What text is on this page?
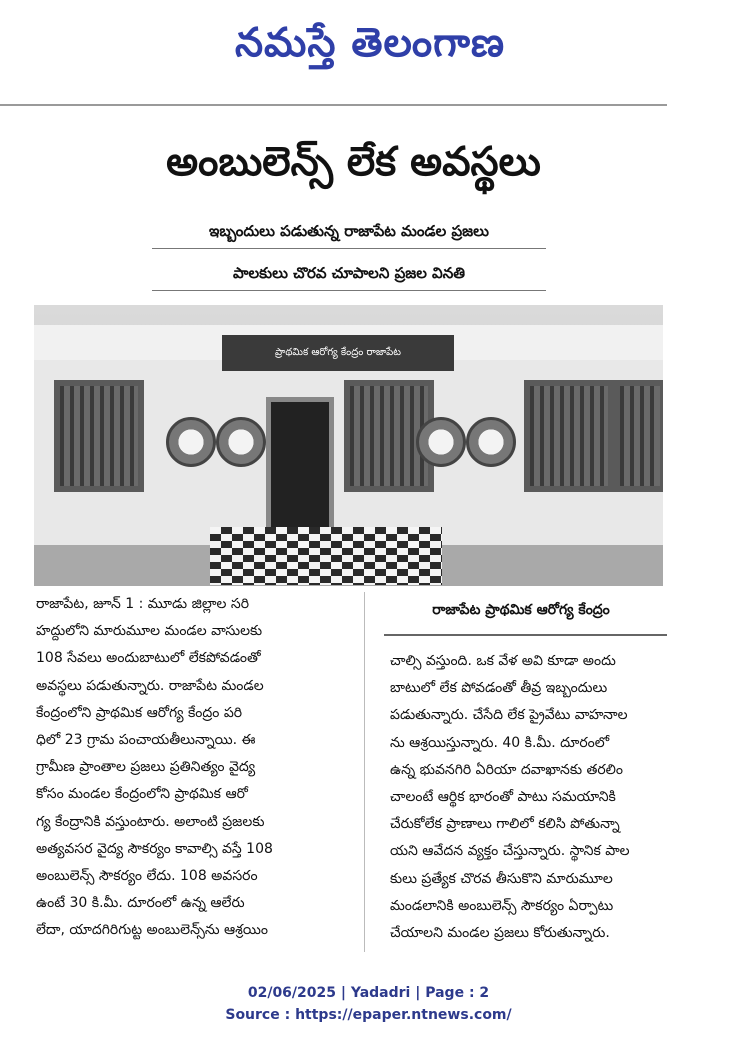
నమస్తే తెలంగాణ
అంబులెన్స్ లేక అవస్థలు
ఇబ్బందులు పడుతున్న రాజాపేట మండల ప్రజలు
పాలకులు చొరవ చూపాలని ప్రజల వినతి
ప్రాథమిక ఆరోగ్య కేంద్రం రాజాపేట
రాజాపేట ప్రాథమిక ఆరోగ్య కేంద్రం
రాజాపేట, జూన్ 1 : మూడు జిల్లాల సరి
హద్దులోని మారుమూల మండల వాసులకు
108 సేవలు అందుబాటులో లేకపోవడంతో
అవస్థలు పడుతున్నారు. రాజాపేట మండల
కేంద్రంలోని ప్రాథమిక ఆరోగ్య కేంద్రం పరి
ధిలో 23 గ్రామ పంచాయతీలున్నాయి. ఈ
గ్రామీణ ప్రాంతాల ప్రజలు ప్రతినిత్యం వైద్య
కోసం మండల కేంద్రంలోని ప్రాథమిక ఆరో
గ్య కేంద్రానికి వస్తుంటారు. అలాంటి ప్రజలకు
అత్యవసర వైద్య సౌకర్యం కావాల్సి వస్తే 108
అంబులెన్స్ సౌకర్యం లేదు. 108 అవసరం
ఉంటే 30 కి.మీ. దూరంలో ఉన్న ఆలేరు
లేదా, యాదగిరిగుట్ట అంబులెన్స్‌ను ఆశ్రయిం
చాల్సి వస్తుంది. ఒక వేళ అవి కూడా అందు
బాటులో లేక పోవడంతో తీవ్ర ఇబ్బందులు
పడుతున్నారు. చేసేది లేక ప్రైవేటు వాహనాల
ను ఆశ్రయిస్తున్నారు. 40 కి.మీ. దూరంలో
ఉన్న భువనగిరి ఏరియా దవాఖానకు తరలిం
చాలంటే ఆర్థిక భారంతో పాటు సమయానికి
చేరుకోలేక ప్రాణాలు గాలిలో కలిసి పోతున్నా
యని ఆవేదన వ్యక్తం చేస్తున్నారు. స్థానిక పాల
కులు ప్రత్యేక చొరవ తీసుకొని మారుమూల
మండలానికి అంబులెన్స్ సౌకర్యం ఏర్పాటు
చేయాలని మండల ప్రజలు కోరుతున్నారు.
02/06/2025 | Yadadri | Page : 2
Source : https://epaper.ntnews.com/
